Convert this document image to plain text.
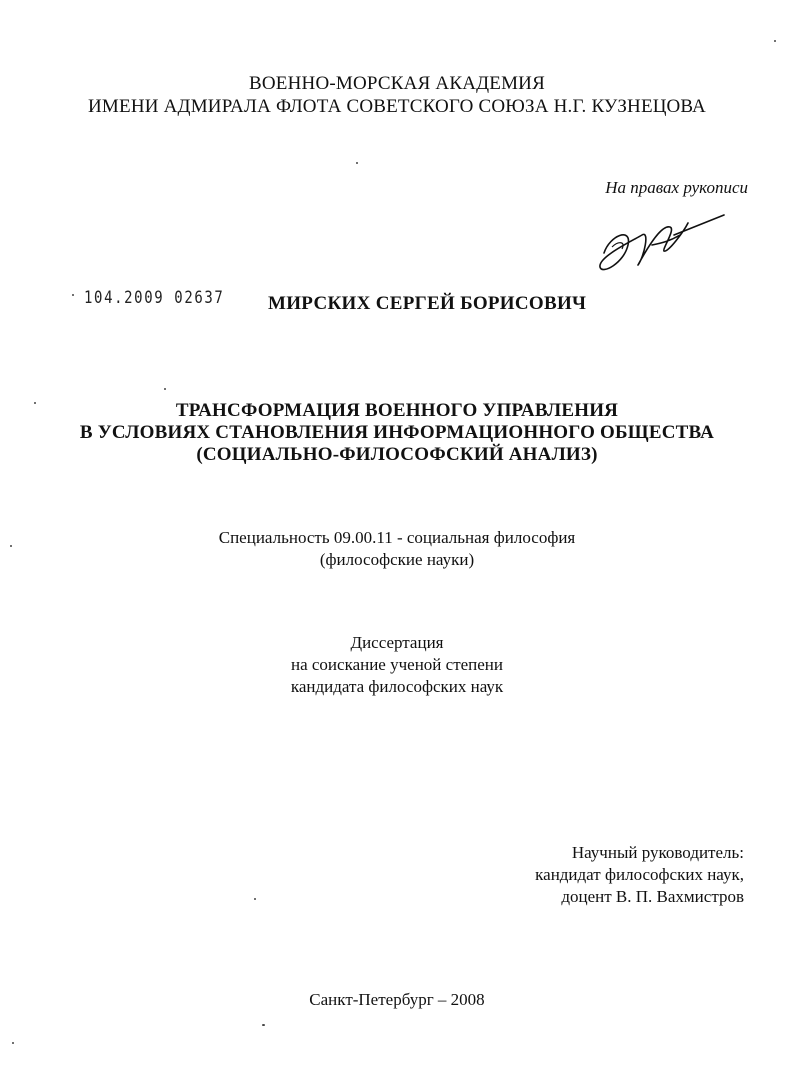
ВОЕННО-МОРСКАЯ АКАДЕМИЯ
ИМЕНИ АДМИРАЛА ФЛОТА СОВЕТСКОГО СОЮЗА Н.Г. КУЗНЕЦОВА
На правах рукописи
104.2009 02637 МИРСКИХ СЕРГЕЙ БОРИСОВИЧ
ТРАНСФОРМАЦИЯ ВОЕННОГО УПРАВЛЕНИЯ
В УСЛОВИЯХ СТАНОВЛЕНИЯ ИНФОРМАЦИОННОГО ОБЩЕСТВА
(СОЦИАЛЬНО-ФИЛОСОФСКИЙ АНАЛИЗ)
Специальность 09.00.11 - социальная философия
(философские науки)
Диссертация
на соискание ученой степени
кандидата философских наук
Научный руководитель:
кандидат философских наук,
доцент В. П. Вахмистров
Санкт-Петербург – 2008
